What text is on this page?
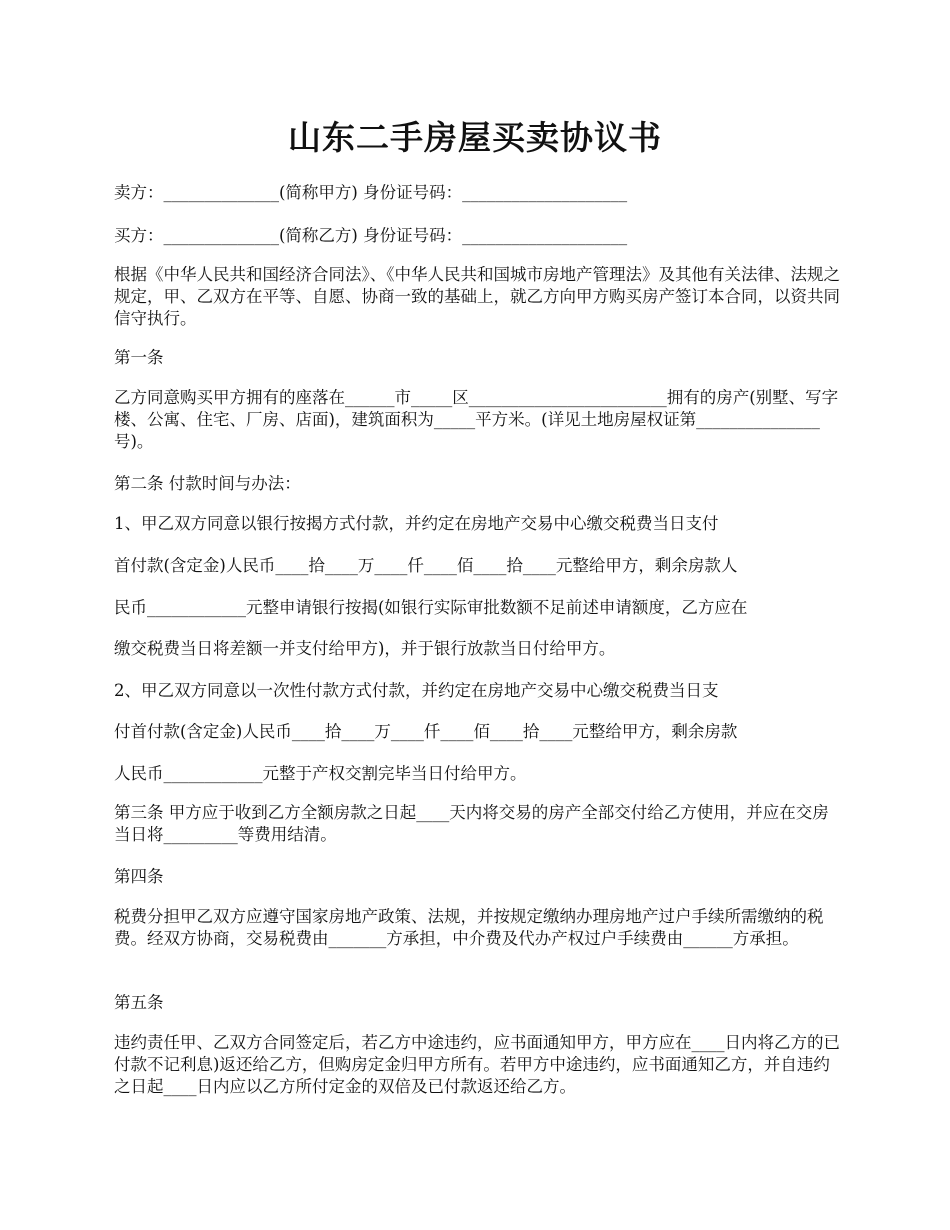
山东二手房屋买卖协议书

卖方：______________(简称甲方) 身份证号码：____________________

买方：______________(简称乙方) 身份证号码：____________________

根据《中华人民共和国经济合同法》、《中华人民共和国城市房地产管理法》及其他有关法律、法规之规定，甲、乙双方在平等、自愿、协商一致的基础上，就乙方向甲方购买房产签订本合同，以资共同信守执行。

第一条

乙方同意购买甲方拥有的座落在______市_____区________________________拥有的房产(别墅、写字楼、公寓、住宅、厂房、店面)，建筑面积为_____平方米。(详见土地房屋权证第_______________号)。

第二条 付款时间与办法：

1、甲乙双方同意以银行按揭方式付款，并约定在房地产交易中心缴交税费当日支付

首付款(含定金)人民币____拾____万____仟____佰____拾____元整给甲方，剩余房款人

民币____________元整申请银行按揭(如银行实际审批数额不足前述申请额度，乙方应在

缴交税费当日将差额一并支付给甲方)，并于银行放款当日付给甲方。

2、甲乙双方同意以一次性付款方式付款，并约定在房地产交易中心缴交税费当日支

付首付款(含定金)人民币____拾____万____仟____佰____拾____元整给甲方，剩余房款

人民币____________元整于产权交割完毕当日付给甲方。

第三条 甲方应于收到乙方全额房款之日起____天内将交易的房产全部交付给乙方使用，并应在交房当日将_________等费用结清。

第四条

税费分担甲乙双方应遵守国家房地产政策、法规，并按规定缴纳办理房地产过户手续所需缴纳的税费。经双方协商，交易税费由_______方承担，中介费及代办产权过户手续费由______方承担。

第五条

违约责任甲、乙双方合同签定后，若乙方中途违约，应书面通知甲方，甲方应在____日内将乙方的已付款不记利息)返还给乙方，但购房定金归甲方所有。若甲方中途违约，应书面通知乙方，并自违约之日起____日内应以乙方所付定金的双倍及已付款返还给乙方。
